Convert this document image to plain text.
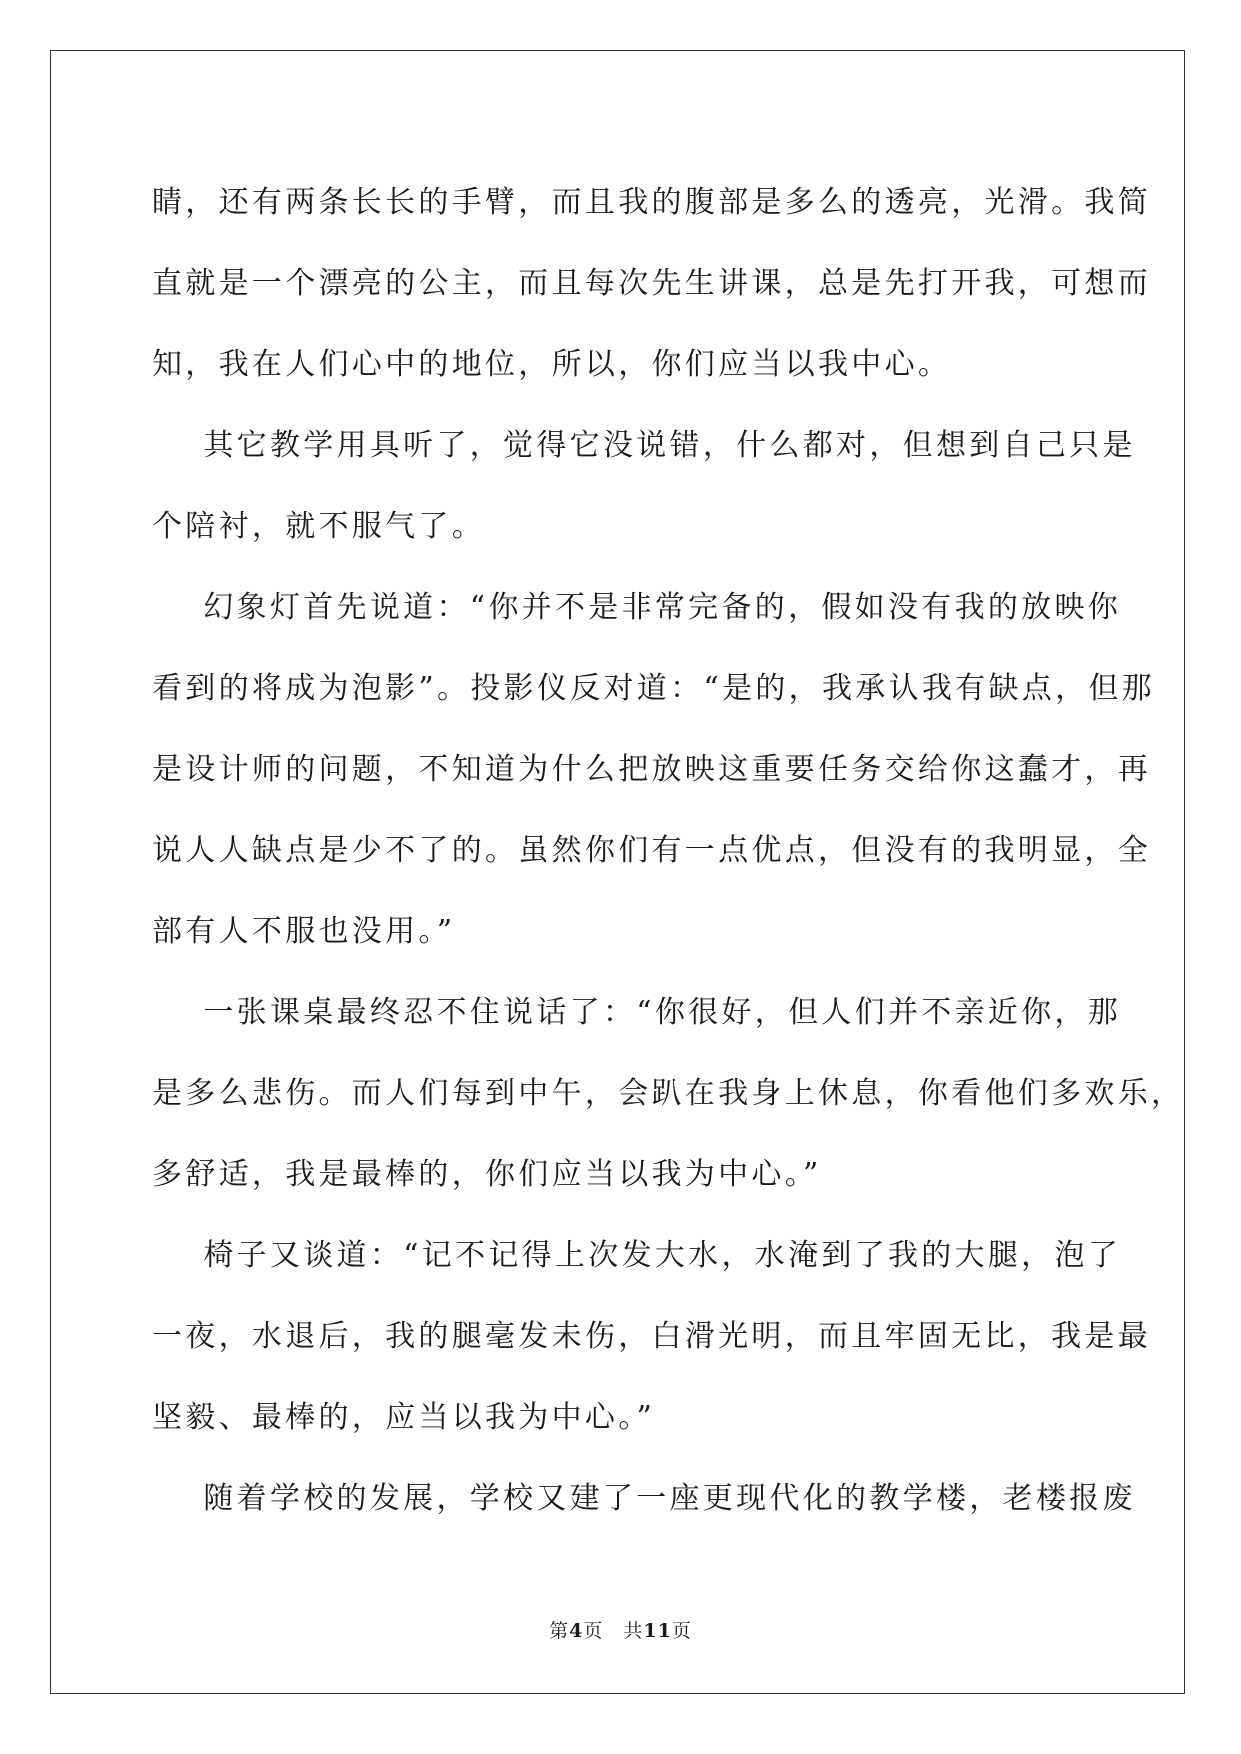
睛，还有两条长长的手臂，而且我的腹部是多么的透亮，光滑。我简
直就是一个漂亮的公主，而且每次先生讲课，总是先打开我，可想而
知，我在人们心中的地位，所以，你们应当以我中心。

其它教学用具听了，觉得它没说错，什么都对，但想到自己只是
个陪衬，就不服气了。

幻象灯首先说道：“你并不是非常完备的，假如没有我的放映你
看到的将成为泡影”。投影仪反对道：“是的，我承认我有缺点，但那
是设计师的问题，不知道为什么把放映这重要任务交给你这蠢才，再
说人人缺点是少不了的。虽然你们有一点优点，但没有的我明显，全
部有人不服也没用。”

一张课桌最终忍不住说话了：“你很好，但人们并不亲近你，那
是多么悲伤。而人们每到中午，会趴在我身上休息，你看他们多欢乐，
多舒适，我是最棒的，你们应当以我为中心。”

椅子又谈道：“记不记得上次发大水，水淹到了我的大腿，泡了
一夜，水退后，我的腿毫发未伤，白滑光明，而且牢固无比，我是最
坚毅、最棒的，应当以我为中心。”

随着学校的发展，学校又建了一座更现代化的教学楼，老楼报废

第4页 共11页
